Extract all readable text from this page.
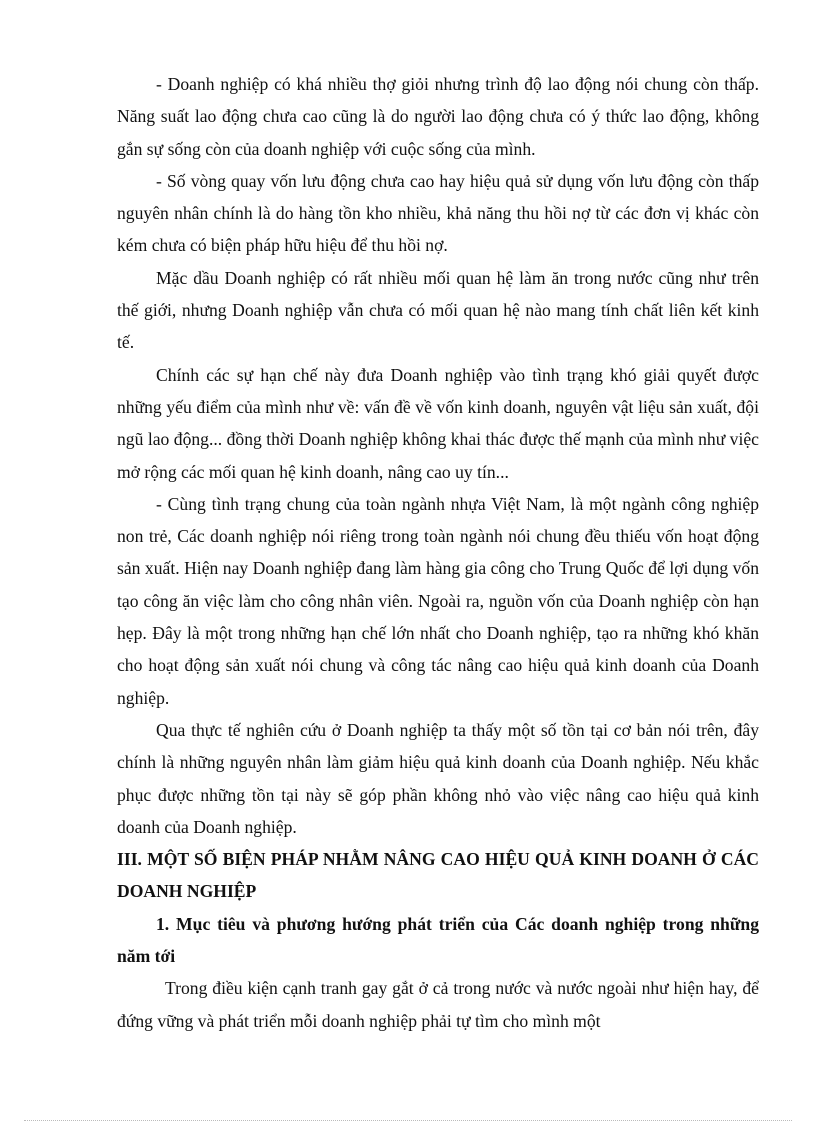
- Doanh nghiệp có khá nhiều thợ giỏi nhưng trình độ lao động nói chung còn thấp. Năng suất lao động chưa cao cũng là do người lao động chưa có ý thức lao động, không gắn sự sống còn của doanh nghiệp với cuộc sống của mình.

- Số vòng quay vốn lưu động chưa cao hay hiệu quả sử dụng vốn lưu động còn thấp nguyên nhân chính là do hàng tồn kho nhiều, khả năng thu hồi nợ từ các đơn vị khác còn kém chưa có biện pháp hữu hiệu để thu hồi nợ.

Mặc dầu Doanh nghiệp có rất nhiều mối quan hệ làm ăn trong nước cũng như trên thế giới, nhưng Doanh nghiệp vẫn chưa có mối quan hệ nào mang tính chất liên kết kinh tế.

Chính các sự hạn chế này đưa Doanh nghiệp vào tình trạng khó giải quyết được những yếu điểm của mình như về: vấn đề về vốn kinh doanh, nguyên vật liệu sản xuất, đội ngũ lao động... đồng thời Doanh nghiệp không khai thác được thế mạnh của mình như việc mở rộng các mối quan hệ kinh doanh, nâng cao uy tín...

- Cùng tình trạng chung của toàn ngành nhựa Việt Nam, là một ngành công nghiệp non trẻ, Các doanh nghiệp nói riêng trong toàn ngành nói chung đều thiếu vốn hoạt động sản xuất. Hiện nay Doanh nghiệp đang làm hàng gia công cho Trung Quốc để lợi dụng vốn tạo công ăn việc làm cho công nhân viên. Ngoài ra, nguồn vốn của Doanh nghiệp còn hạn hẹp. Đây là một trong những hạn chế lớn nhất cho Doanh nghiệp, tạo ra những khó khăn cho hoạt động sản xuất nói chung và công tác nâng cao hiệu quả kinh doanh của Doanh nghiệp.

Qua thực tế nghiên cứu ở Doanh nghiệp ta thấy một số tồn tại cơ bản nói trên, đây chính là những nguyên nhân làm giảm hiệu quả kinh doanh của Doanh nghiệp. Nếu khắc phục được những tồn tại này sẽ góp phần không nhỏ vào việc nâng cao hiệu quả kinh doanh của Doanh nghiệp.

III. MỘT SỐ BIỆN PHÁP NHẰM NÂNG CAO HIỆU QUẢ KINH DOANH Ở CÁC DOANH NGHIỆP

1. Mục tiêu và phương hướng phát triển của Các doanh nghiệp trong những năm tới

Trong điều kiện cạnh tranh gay gắt ở cả trong nước và nước ngoài như hiện hay, để đứng vững và phát triển mỗi doanh nghiệp phải tự tìm cho mình một
